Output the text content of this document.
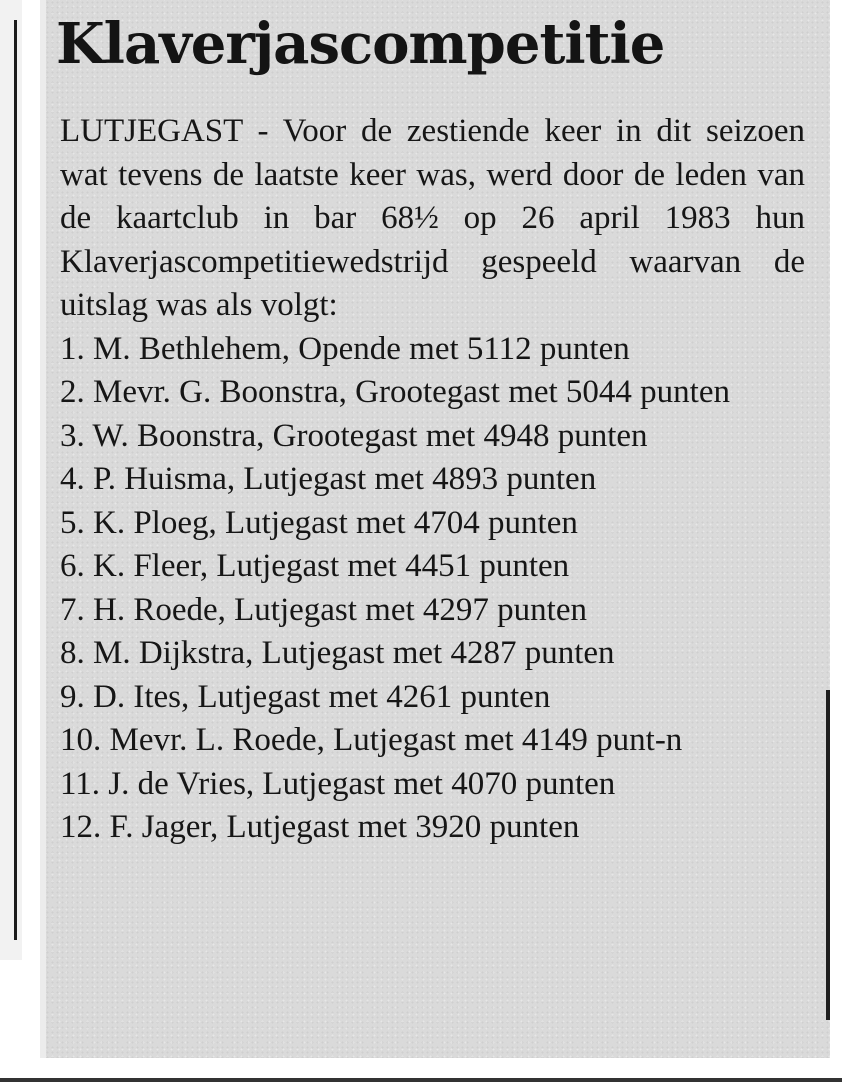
Klaverjascompetitie

LUTJEGAST - Voor de zestiende keer in dit seizoen wat tevens de laatste keer was, werd door de leden van de kaartclub in bar 68½ op 26 april 1983 hun Klaverjascompetitiewedstrijd gespeeld waarvan de uitslag was als volgt:

1. M. Bethlehem, Opende met 5112 punten
2. Mevr. G. Boonstra, Grootegast met 5044 punten
3. W. Boonstra, Grootegast met 4948 punten
4. P. Huisma, Lutjegast met 4893 punten
5. K. Ploeg, Lutjegast met 4704 punten
6. K. Fleer, Lutjegast met 4451 punten
7. H. Roede, Lutjegast met 4297 punten
8. M. Dijkstra, Lutjegast met 4287 punten
9. D. Ites, Lutjegast met 4261 punten
10. Mevr. L. Roede, Lutjegast met 4149 punt-n
11. J. de Vries, Lutjegast met 4070 punten
12. F. Jager, Lutjegast met 3920 punten
